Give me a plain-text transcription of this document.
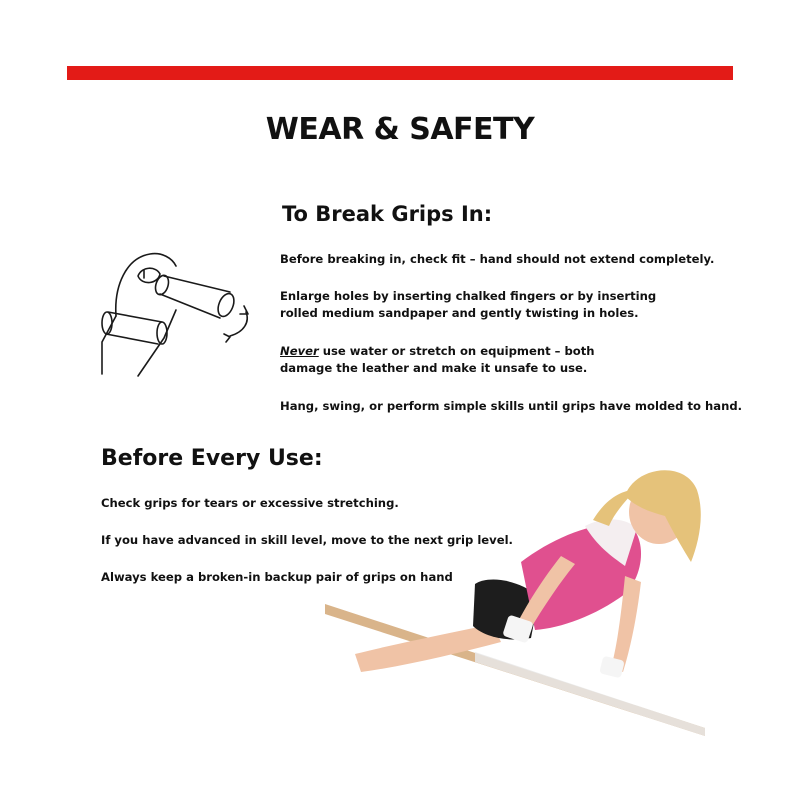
WEAR & SAFETY
To Break Grips In:

Before breaking in, check fit – hand should not extend completely.

Enlarge holes by inserting chalked fingers or by inserting rolled medium sandpaper and gently twisting in holes.

Never use water or stretch on equipment – both damage the leather and make it unsafe to use.

Hang, swing, or perform simple skills until grips have molded to hand.

Before Every Use:

Check grips for tears or excessive stretching.

If you have advanced in skill level, move to the next grip level.

Always keep a broken-in backup pair of grips on hand
